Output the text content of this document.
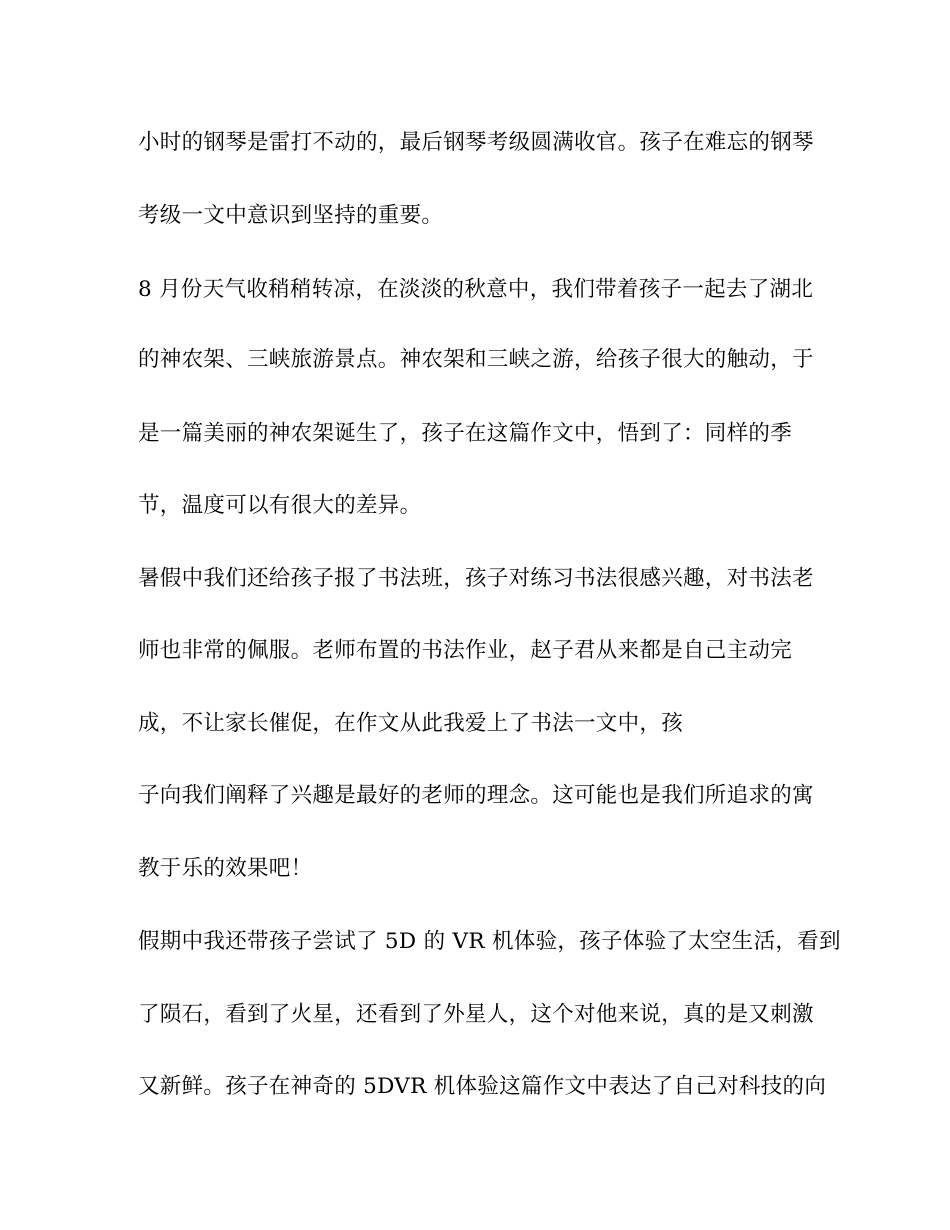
小时的钢琴是雷打不动的，最后钢琴考级圆满收官。孩子在难忘的钢琴
考级一文中意识到坚持的重要。
8 月份天气收稍稍转凉，在淡淡的秋意中，我们带着孩子一起去了湖北
的神农架、三峡旅游景点。神农架和三峡之游，给孩子很大的触动，于
是一篇美丽的神农架诞生了，孩子在这篇作文中，悟到了：同样的季
节，温度可以有很大的差异。
暑假中我们还给孩子报了书法班，孩子对练习书法很感兴趣，对书法老
师也非常的佩服。老师布置的书法作业，赵子君从来都是自己主动完
成，不让家长催促，在作文从此我爱上了书法一文中，孩
子向我们阐释了兴趣是最好的老师的理念。这可能也是我们所追求的寓
教于乐的效果吧！
假期中我还带孩子尝试了 5D 的 VR 机体验，孩子体验了太空生活，看到
了陨石，看到了火星，还看到了外星人，这个对他来说，真的是又刺激
又新鲜。孩子在神奇的 5DVR 机体验这篇作文中表达了自己对科技的向
